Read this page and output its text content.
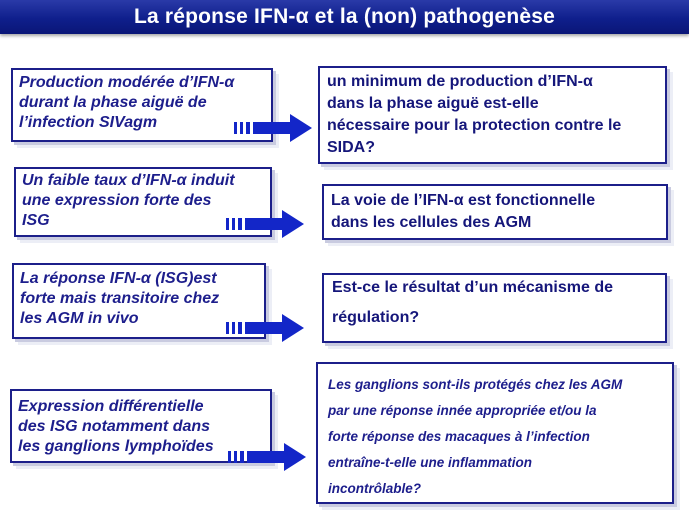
La réponse IFN-α et la (non) pathogenèse
Production modérée d’IFN-α
durant la phase aiguë de
l’infection SIVagm
un minimum de production d’IFN-α
dans la phase aiguë est-elle
nécessaire pour la protection contre le
SIDA?
Un faible taux d’IFN-α induit
une expression forte des
ISG
La voie de l’IFN-α est fonctionnelle
dans les cellules des AGM
La réponse IFN-α (ISG)est
forte mais transitoire chez
les AGM in vivo
Est-ce le résultat d’un mécanisme de

régulation?
Expression différentielle
des ISG notamment dans
les ganglions lymphoïdes
Les ganglions sont-ils protégés chez les AGM
par une réponse innée appropriée et/ou la
forte réponse des macaques à l’infection
entraîne-t-elle une inflammation
incontrôlable?
